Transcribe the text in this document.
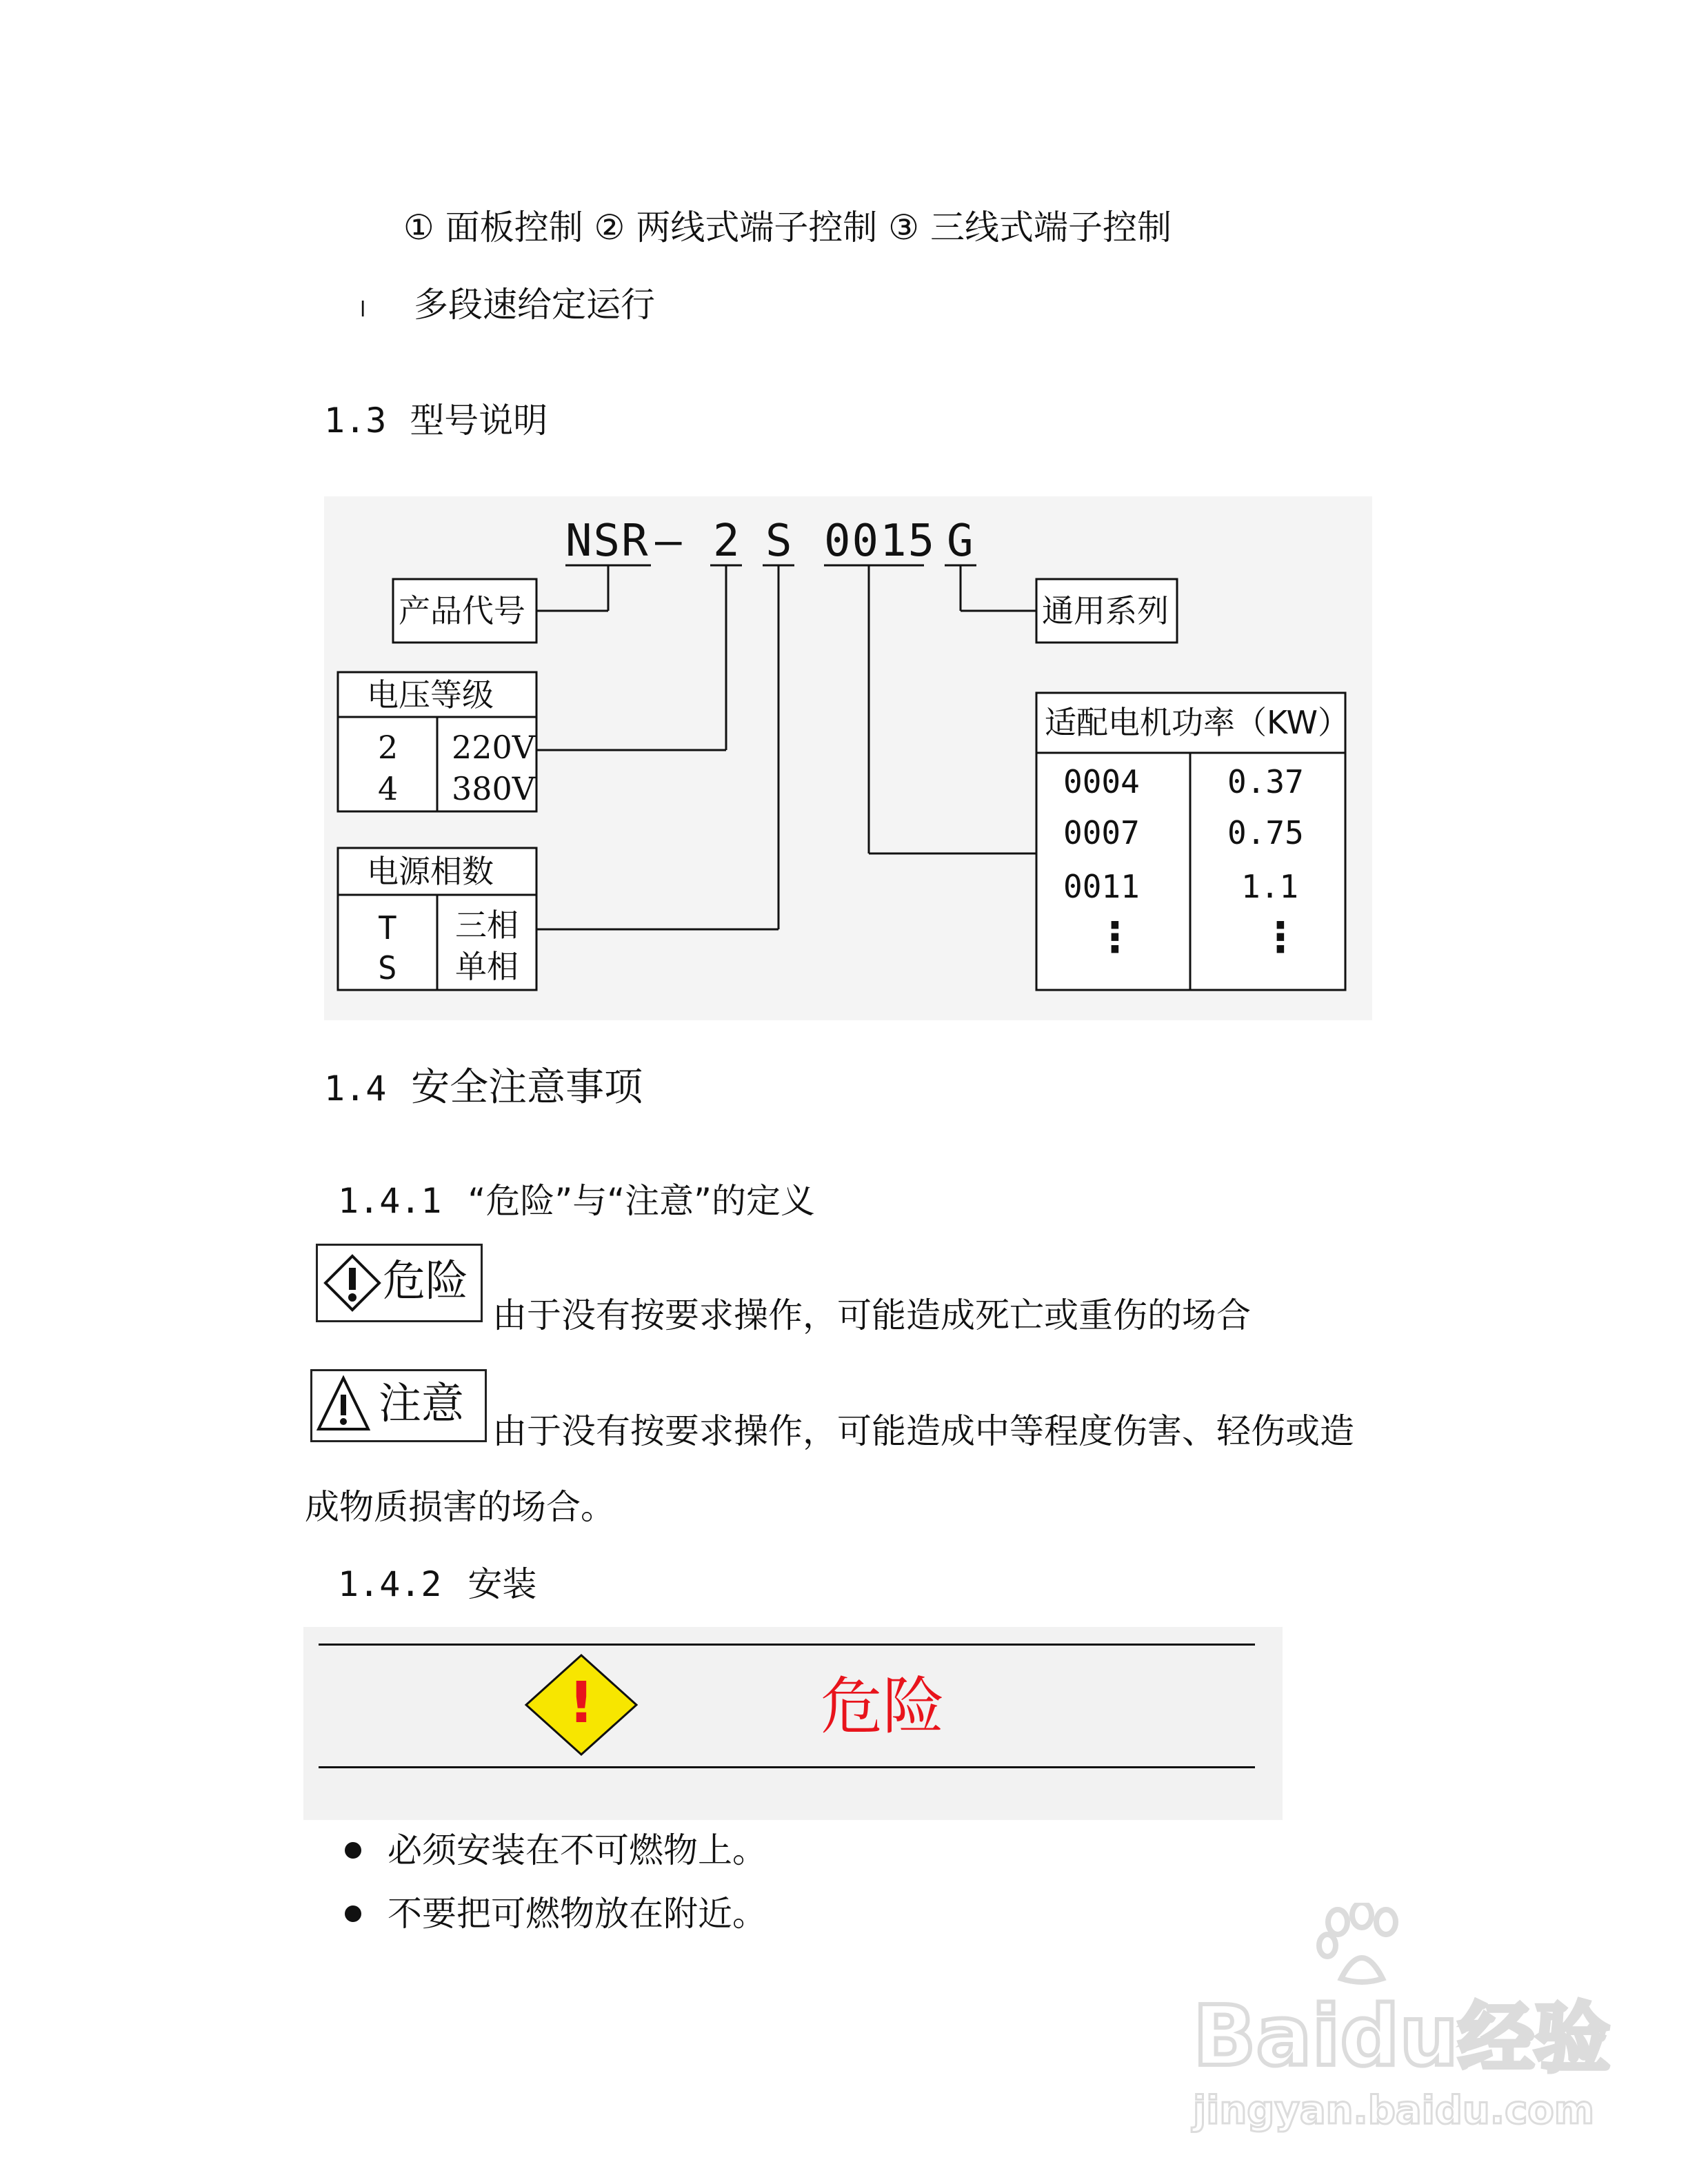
① 面板控制 ② 两线式端子控制 ③ 三线式端子控制
l 多段速给定运行
1.3 型号说明
NSR — 2 S 0015 G
产品代号	通用系列
电压等级
2 220V
4 380V
电源相数
T 三相
S 单相
适配电机功率（KW）
0004	0.37
0007	0.75
0011	1.1
⋮	⋮
1.4 安全注意事项
1.4.1 “危险”与“注意”的定义
危险
由于没有按要求操作，可能造成死亡或重伤的场合
注意
由于没有按要求操作，可能造成中等程度伤害、轻伤或造
成物质损害的场合。
1.4.2 安装
!	危险
必须安装在不可燃物上。
不要把可燃物放在附近。
Baidu经验
jingyan.baidu.com
